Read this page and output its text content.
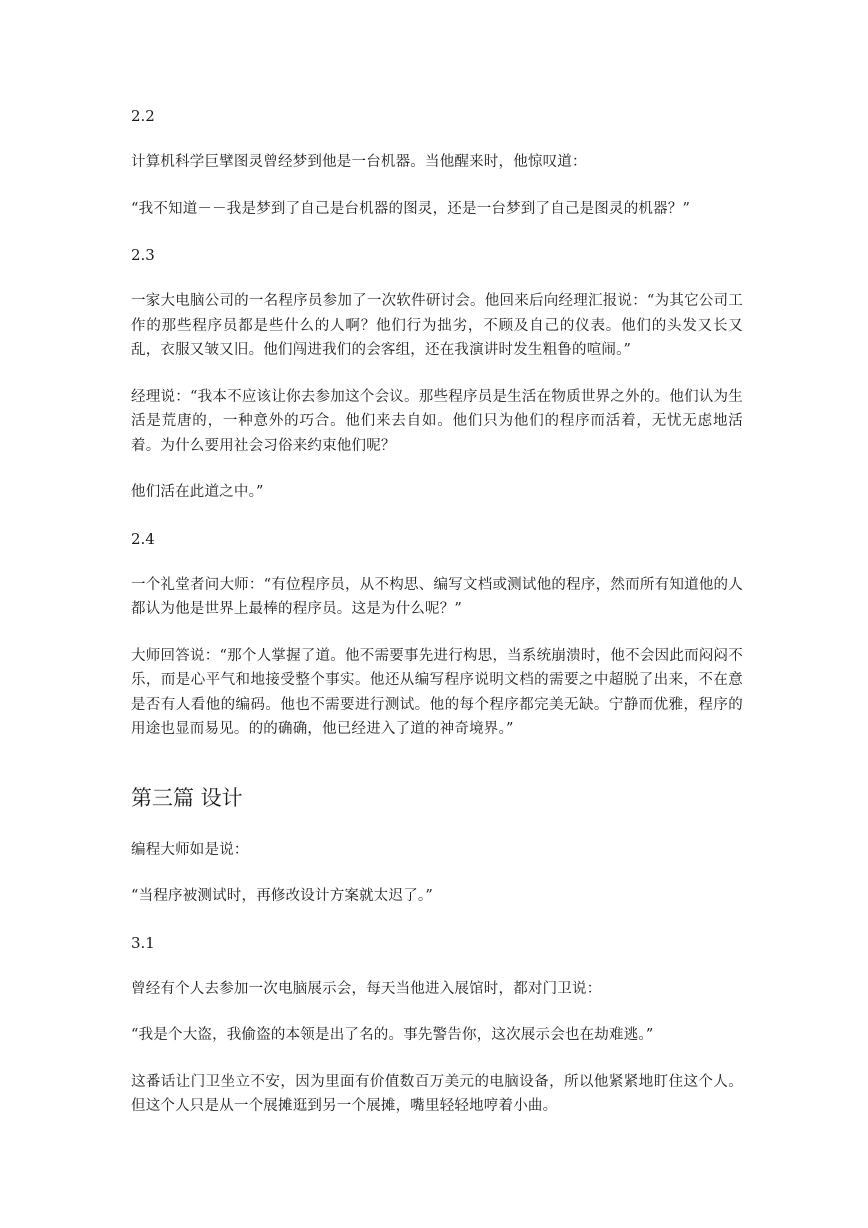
2.2

计算机科学巨擘图灵曾经梦到他是一台机器。当他醒来时，他惊叹道：

“我不知道－－我是梦到了自己是台机器的图灵，还是一台梦到了自己是图灵的机器？”

2.3

一家大电脑公司的一名程序员参加了一次软件研讨会。他回来后向经理汇报说：“为其它公司工作的那些程序员都是些什么的人啊？他们行为拙劣，不顾及自己的仪表。他们的头发又长又乱，衣服又皱又旧。他们闯进我们的会客组，还在我演讲时发生粗鲁的喧闹。”

经理说：“我本不应该让你去参加这个会议。那些程序员是生活在物质世界之外的。他们认为生活是荒唐的，一种意外的巧合。他们来去自如。他们只为他们的程序而活着，无忧无虑地活着。为什么要用社会习俗来约束他们呢？

他们活在此道之中。”

2.4

一个礼堂者问大师：“有位程序员，从不构思、编写文档或测试他的程序，然而所有知道他的人都认为他是世界上最棒的程序员。这是为什么呢？”

大师回答说：“那个人掌握了道。他不需要事先进行构思，当系统崩溃时，他不会因此而闷闷不乐，而是心平气和地接受整个事实。他还从编写程序说明文档的需要之中超脱了出来，不在意是否有人看他的编码。他也不需要进行测试。他的每个程序都完美无缺。宁静而优雅，程序的用途也显而易见。的的确确，他已经进入了道的神奇境界。”

第三篇 设计

编程大师如是说：

“当程序被测试时，再修改设计方案就太迟了。”

3.1

曾经有个人去参加一次电脑展示会，每天当他进入展馆时，都对门卫说：

“我是个大盗，我偷盗的本领是出了名的。事先警告你，这次展示会也在劫难逃。”

这番话让门卫坐立不安，因为里面有价值数百万美元的电脑设备，所以他紧紧地盯住这个人。但这个人只是从一个展摊逛到另一个展摊，嘴里轻轻地哼着小曲。
